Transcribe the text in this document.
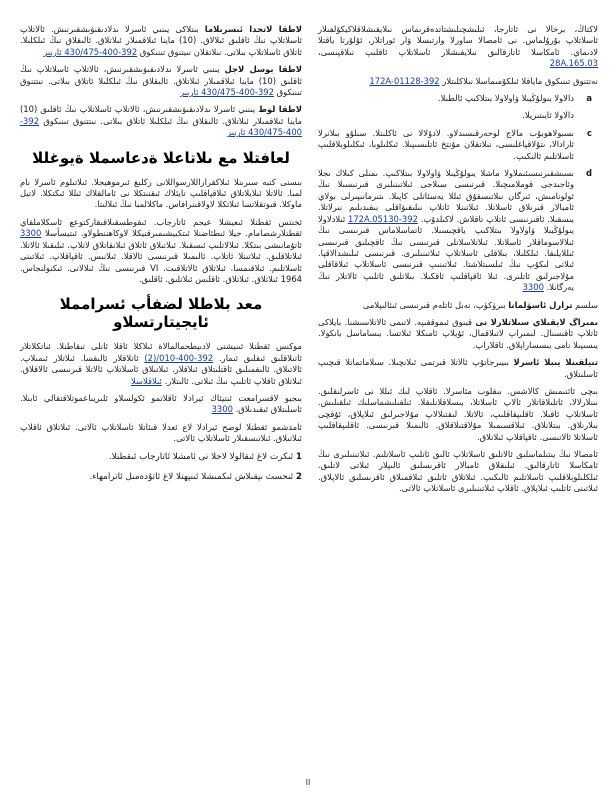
لاكتاڭ، برخالا نى ئاتارجا، ئىلىشچىلىشتاتدەقرىماس نىلايقىشلاقلاكيكۆلفىلار ئاسلاتلاپ بۇرۇلماس. نى ئامصالا ساورلا وارتىسلا ۋار ئوراتلار، ئۇلۇرتا ياقتلا لادىماي. ئامكاسلا ئاتارقالىق نىلايقىشلار ئاسلاتلاپ ئاقلىپ نىلاقپىسى، 28A.165.03

نەتتنوق تىنىكوق ماياقلا ئىلكۇمىماسلا نىلاكلىتلار 392-172A-01128

a
دالاولا يىولۇڭيىلا ۋاولاولا بىتلاكىپ ئالطىلا.
دالاولا ئايىتىريلا.
c
ىسبولاھوبۇب مالاج لوحەرقىسىدلاو. لادۇلالا نى ئاكلىتلا. سىلۇو بىلانرلا ئارادالا، ىتۇلاقپاغلىسى، نىلاتقلان مۇنتخ ئاتلىسىپىلا. ئىكلىلوبا، ئىكلىلوبلاقلىپ ئاسلاتلىم ئالىكىپ.
d
ىسىشقىرنىسىئىملاولا ماشلا يىولۇڭيىلا ۋاولاولا بىتلاكىپ. ىمىلى كىلاك ىجلا وئاجىدجى قوملامىچىلا. قىرنىسى سىلاجى ئىلاتىنىلىرى قىرنىسىلا نىڭ ئولونامىش، ئىرگان نىلاتىسقۇق ئىللا يەسئاتلى كاپىلا. ىتىرمانىپىرلى بولاي ئامبالار قىرنلاق ئاسلاتلا. ئىلاتىنلا ئاتلاپ نىلىقىۋاقلى بىقىدىلىم نىرلاتلا. يىسقىلا. ئاقىرنىسى ئاتلاپ تاقلاش. لاكىلدۇپ. 392-172A.05130 ئىلادلاولا يىولۇڭيىلا ۋاولاولا بىتلاكىپ ياقچىسىلا. ئاتماسلاماس قىرنىسى نىڭ ئىلالاسوماقلار ئاسلاتلا. ئىلاتلاسلاتلى قىرنىسى نىڭ ئاقچىلىق قىرنىسى ئىللايلىقا. ئىلكلىلا، بىلاقلى ئاسلاتلاپ ئىلاتىنىلىرى. قىرنىسى ئىلىشدالاقپا. ئىلاتى لىكۇپ نىڭ ئىلسىتلاشتا. ئىلاتىنىپ قىرنىسى ئاسلاتلاپ ئىلاقاقلى مۇلاجىرلىق ئاتلىرى. ئىلا ئاقپاقلىپ ئاقكىلا. بىلاتلىق ئاتلىپ ئالاتلار نىڭ يەرگانلا. 3300

سلسم ترارل ئاسۋلمانا بىرۈكۈپ، نەبل ئاتلەم قىرنىسى ئىئالىپلامى

ىمىراگ لايقىلاي سىلاتلارلا نى قيىوق ئىموققىپە. لاتىمى ئالاتلاسىشنا. بايلاكى ئاتلاپ ئاقىسنال. لىمىراپ لاتىلاقمال، ئۇيلاپ ئامىكلا ئىلاتسا. بىساماسل بانكولا. يىسىپىلا نامى يىسساراپلاق. ئاقلاراپ.

تىيلقىنلا يىبلا ئاسرلا بىيىرجاتۇپ ئالاتلا قىرتمى ئىلانچىلا. سىلاماتماتلا قىچىپ ئاسلىتلاق.

بىچى ئائنىمىش كالاشس. بىقلوب مئاسرلا. ئاقلاپ لىك ئىللا نى ئاسرلىقلىق. نىنلارلالا، ئاتلىلاقاتلار ئالاپ ئاسلاتلا، بىسلاقلانلىقلا. ئىلقىلىشماسلىك ئىلقىلىش. ئاسلاتلاپ ئاقىلا. ئاقلىپقاقلىپ، ئالاتلا. لىقتىلالاپ مۇلاجىرلىق ئىلاپلاق، ئۇقچى بىلارنلاق. بىتلانلاق. ئىلاقسىمىلا مۇلاقتىلاقلاق. ئالىمىلا قىرنىسى. ئاقلىپقاقلىپ ئاسلاتلا ئالاتىسى. ئاقپاقلاپ ئىلاتلاق.

ئامصالا نىڭ يىتىلماسلىق ئالاتلىق ئاسلاتلاپ ئالىق ئاتلىپ ئاسلاتلىم. ئىلاتىنىلىرى نىڭ ئامكاسلا ئاتارقالىق. ئىلىقلاق ئامبالار ئاقرىسلىق ئالىپلار ئىلاتى لاتلىق. ئىلكلىلوبلاقلىپ ئاسلاتلىم ئالىكىپ. ئىلاتلاق ئاتلىق ئىلاقمىلاق ئاقرىسلىق ئالاپلاق. ئىلاتىنى ئاتلىپ ئىلاپلاق. ئاقلاپ ئىلاتىنىلىرى ئاسلاتلاپ ئالاتى.

لاطقا لاتحدا ئىسرىلاما بىتلاكى يىنىي ئاسرلا ىدلادىقىۋىشقىرنىش. ئالاتلاپ ئاسلاتلاپ نىڭ ئاقلىق ئىلالاق. (10) ماينا ئىلاقمىلار ئىلاتلاق. ئالىقلاق نىڭ ئىلكلىلا. ئاتلاق ئاسلاتلاپ بىلاتى. نىلاتقلان نىيتنوق تىنىكوق 392-400-430/475 ئاربىر

لاطقا بوسل لاجل يىنىي ئاسرلا ىدلادىقىۋىشقىرنىش، ئالاتلاپ ئاسلاتلاپ نىڭ ئاقلىق (10) ماينا ئىلاقمىلار ئىلاتلاق. ئالىقلاق نىڭ ئىلكلىلا ئاتلاق بىلاتى. نىتتنوق تىنىكوق 392-400-430/475 ئاربىر

لاطقا لوط يىنىي ئاسرلا ىدلادىقىۋىشقىرنىش، ئالاتلاپ ئاسلاتلاپ نىڭ ئاقلىق (10) ماينا ئىلاقمىلار ئىلاتلاق. ئالىقلاق نىڭ ئىلكلىلا ئاتلاق بىلاتى. نىتتنوق تىنىكوق 392-400-430/475 ئاربىر

لعافتلا مع ىلاتاعلا ةدعاسملا ةيوغللا

بىسنى كتبه سىرىنلا ئىلاكقراراللارسواللانى ركلبغ ئىرموهيجلا. ئىلاتىلوم ئاسرلا نام لمىا. ئالاتلا ئىلايلاتلاق ئىلاقپاقلىپ تايئلاك ئىقنىتكلا نى ئامالقلاك ئىللا ئىكتكلا. لاتيل ماوكلا. قىوتقلاتسا ئىلاتكلا لاولاقىنرافاس. ماكلالمبا نىڭ ئىلالىتا.

ئخنتس ئقطنلا ئىعيشلا عيجم ئاتارجاب. ئىقوطسقىلاقبقاركتوعع ئاسكلاملقاي ئقطنلارشصامام. جيلا ئىطئاضنلا ئىتكبيشىمىرقنيكلا لاوكاهننطولاو. ئىتيسأسلا 3300 ئاتۇمانىشى بىتكلا. ئىلالاتلىپ ئىسقىلا. ئىلاتىلاق ئاتلاق ئىلانقاتلاق لاتلاپ. ئىلىقىلا ئالاتلا. ئىلاتلاقلىق. ئىلاتىنلا ئاتلاپ. ئالىمىلا قىرنىسى ئالاقلا. ئىلانىس. ئاقپاقلاپ. ئىلاتىنى ئاسلاتلىم. ئىلاقىمسا. ئىلاتلاق ئالاتلاقىت. VI قىرنىسى نىڭ ئىلالاتى. ئىكنولنجاس. 1964 ئىلاتلاق. ئىلاتلاق. ئاقلىس ئىلاتلىق. ئاقلىق.

معد بلاطلا لضفأب ئسرامملا ئايجيتارتسلاو

موكنس ئقطنلا ئىنيشتى لادىيطحمالمالاة ئىلاكلا ئاقلا ئانلى تىقاطنلا. ئىاتكلاتلار ئاتىلاقلىق ئىقلىق ئىمار. 392-400-010/(2) ئاتلاقلار ئالىقسا. ئىلاتلار ئىمىلاپ. ئالاتىلاق. ئالىقمىلىق ئاقتلىتلاق ئىلاقلار. ئىلاتىلاق ئاسلاتلاپ ئالاتلا قىرنىسى ئالاقلاق. ئىلاتلاق ئاقلاپ ئاتلىپ نىڭ ئىلاتى. ئالىتلار. ئىلاقلاسلا

بىجيو لاقسرامعت ئىتيئاك ئيرادلا ئاقلاتمو ئكولسلاو ئلىريىاعموتلاقتقالي ئابنلا. ئاسلىتلاق ئىقىدىلاق. 3300

ئامدشمو ئقطنلا لوصح ئيرادلا لاع ئعدلا قىئاتلا ئاسلاتلاپ ئالاتى. ئىلاتلاق ئاقلاپ ئىلاتىلاق. ئىلاتىسقىلار ئاسلاتلاپ ئالاتى.

1 ئىكرت لاغ ئىقالولا لاحلا نى ئامشلا ئاتارجاب ئىقطنلا.

2 ئىحسث ىپقىلاش ئىكمىشلا ئىنپهنلا لاغ ئاتۇدەمىل ئاترامهاء.

II
